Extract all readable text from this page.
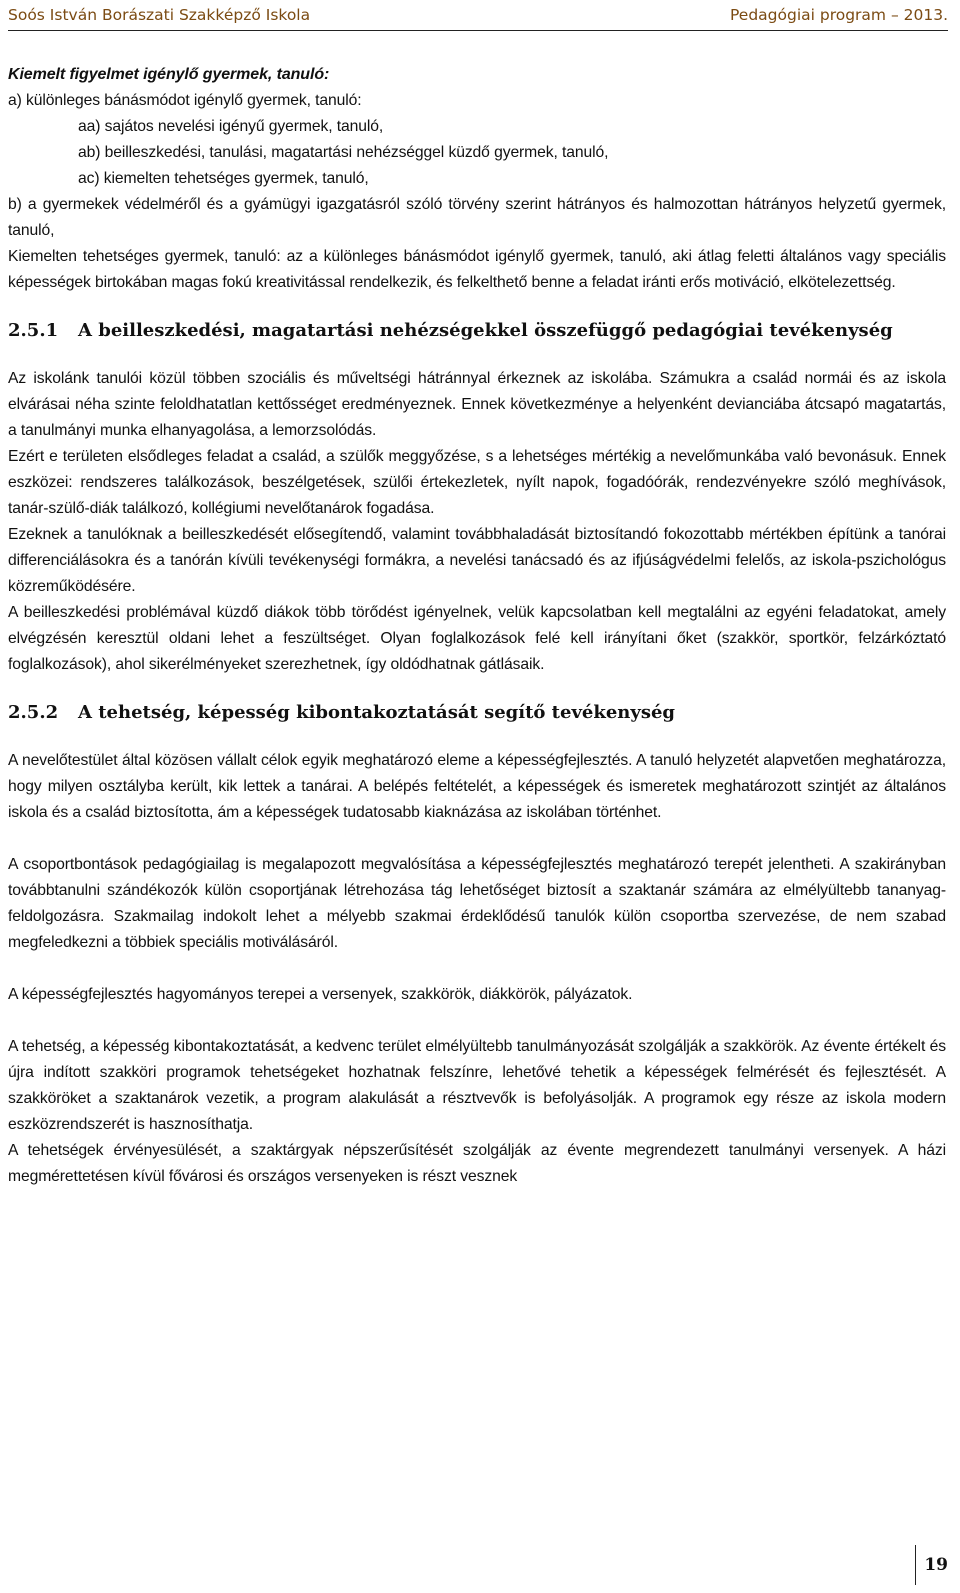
Soós István Borászati Szakképző Iskola	Pedagógiai program – 2013.

Kiemelt figyelmet igénylő gyermek, tanuló:

a) különleges bánásmódot igénylő gyermek, tanuló:

aa) sajátos nevelési igényű gyermek, tanuló,

ab) beilleszkedési, tanulási, magatartási nehézséggel küzdő gyermek, tanuló,

ac) kiemelten tehetséges gyermek, tanuló,

b) a gyermekek védelméről és a gyámügyi igazgatásról szóló törvény szerint hátrányos és halmozottan hátrányos helyzetű gyermek, tanuló,

Kiemelten tehetséges gyermek, tanuló: az a különleges bánásmódot igénylő gyermek, tanuló, aki átlag feletti általános vagy speciális képességek birtokában magas fokú kreativitással rendelkezik, és felkelthető benne a feladat iránti erős motiváció, elkötelezettség.

2.5.1	A beilleszkedési, magatartási nehézségekkel összefüggő pedagógiai tevékenység

Az iskolánk tanulói közül többen szociális és műveltségi hátránnyal érkeznek az iskolába. Számukra a család normái és az iskola elvárásai néha szinte feloldhatatlan kettősséget eredményeznek. Ennek következménye a helyenként devianciába átcsapó magatartás, a tanulmányi munka elhanyagolása, a lemorzsolódás.

Ezért e területen elsődleges feladat a család, a szülők meggyőzése, s a lehetséges mértékig a nevelőmunkába való bevonásuk. Ennek eszközei: rendszeres találkozások, beszélgetések, szülői értekezletek, nyílt napok, fogadóórák, rendezvényekre szóló meghívások, tanár-szülő-diák találkozó, kollégiumi nevelőtanárok fogadása.

Ezeknek a tanulóknak a beilleszkedését elősegítendő, valamint továbbhaladását biztosítandó fokozottabb mértékben építünk a tanórai differenciálásokra és a tanórán kívüli tevékenységi formákra, a nevelési tanácsadó és az ifjúságvédelmi felelős, az iskola-pszichológus közreműködésére.

A beilleszkedési problémával küzdő diákok több törődést igényelnek, velük kapcsolatban kell megtalálni az egyéni feladatokat, amely elvégzésén keresztül oldani lehet a feszültséget. Olyan foglalkozások felé kell irányítani őket (szakkör, sportkör, felzárkóztató foglalkozások), ahol sikerélményeket szerezhetnek, így oldódhatnak gátlásaik.

2.5.2	A tehetség, képesség kibontakoztatását segítő tevékenység

A nevelőtestület által közösen vállalt célok egyik meghatározó eleme a képességfejlesztés. A tanuló helyzetét alapvetően meghatározza, hogy milyen osztályba került, kik lettek a tanárai. A belépés feltételét, a képességek és ismeretek meghatározott szintjét az általános iskola és a család biztosította, ám a képességek tudatosabb kiaknázása az iskolában történhet.

A csoportbontások pedagógiailag is megalapozott megvalósítása a képességfejlesztés meghatározó terepét jelentheti. A szakirányban továbbtanulni szándékozók külön csoportjának létrehozása tág lehetőséget biztosít a szaktanár számára az elmélyültebb tananyag-feldolgozásra. Szakmailag indokolt lehet a mélyebb szakmai érdeklődésű tanulók külön csoportba szervezése, de nem szabad megfeledkezni a többiek speciális motiválásáról.

A képességfejlesztés hagyományos terepei a versenyek, szakkörök, diákkörök, pályázatok.

A tehetség, a képesség kibontakoztatását, a kedvenc terület elmélyültebb tanulmányozását szolgálják a szakkörök. Az évente értékelt és újra indított szakköri programok tehetségeket hozhatnak felszínre, lehetővé tehetik a képességek felmérését és fejlesztését. A szakköröket a szaktanárok vezetik, a program alakulását a résztvevők is befolyásolják. A programok egy része az iskola modern eszközrendszerét is hasznosíthatja.

A tehetségek érvényesülését, a szaktárgyak népszerűsítését szolgálják az évente megrendezett tanulmányi versenyek. A házi megmérettetésen kívül fővárosi és országos versenyeken is részt vesznek

19
